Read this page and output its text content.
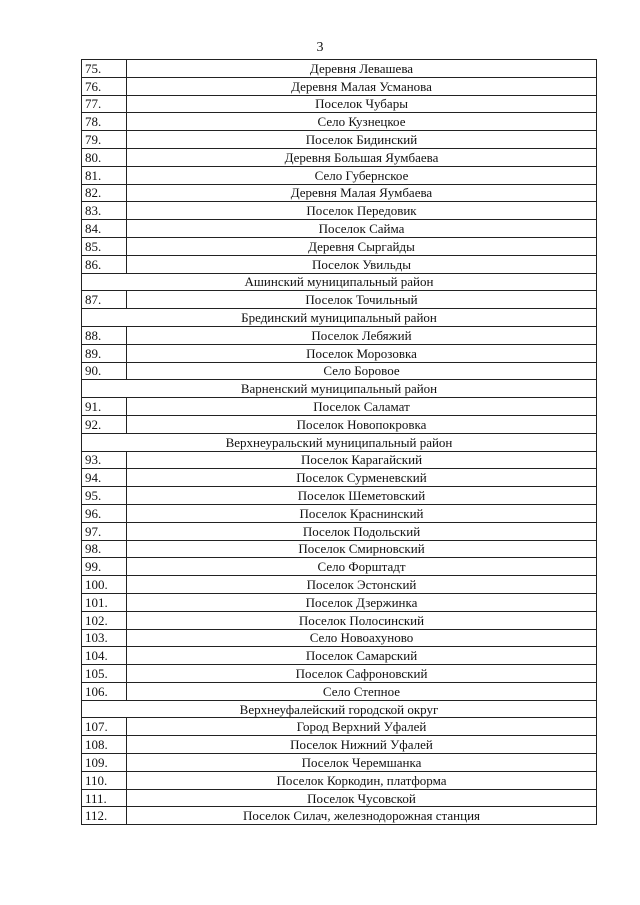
3
75.	Деревня Левашева
76.	Деревня Малая Усманова
77.	Поселок Чубары
78.	Село Кузнецкое
79.	Поселок Бидинский
80.	Деревня Большая Яумбаева
81.	Село Губернское
82.	Деревня Малая Яумбаева
83.	Поселок Передовик
84.	Поселок Сайма
85.	Деревня Сыргайды
86.	Поселок Увильды
Ашинский муниципальный район	
87.	Поселок Точильный
Брединский муниципальный район	
88.	Поселок Лебяжий
89.	Поселок Морозовка
90.	Село Боровое
Варненский муниципальный район	
91.	Поселок Саламат
92.	Поселок Новопокровка
Верхнеуральский муниципальный район	
93.	Поселок Карагайский
94.	Поселок Сурменевский
95.	Поселок Шеметовский
96.	Поселок Краснинский
97.	Поселок Подольский
98.	Поселок Смирновский
99.	Село Форштадт
100.	Поселок Эстонский
101.	Поселок Дзержинка
102.	Поселок Полосинский
103.	Село Новоахуново
104.	Поселок Самарский
105.	Поселок Сафроновский
106.	Село Степное
Верхнеуфалейский городской округ	
107.	Город Верхний Уфалей
108.	Поселок Нижний Уфалей
109.	Поселок Черемшанка
110.	Поселок Коркодин, платформа
111.	Поселок Чусовской
112.	Поселок Силач, железнодорожная станция
